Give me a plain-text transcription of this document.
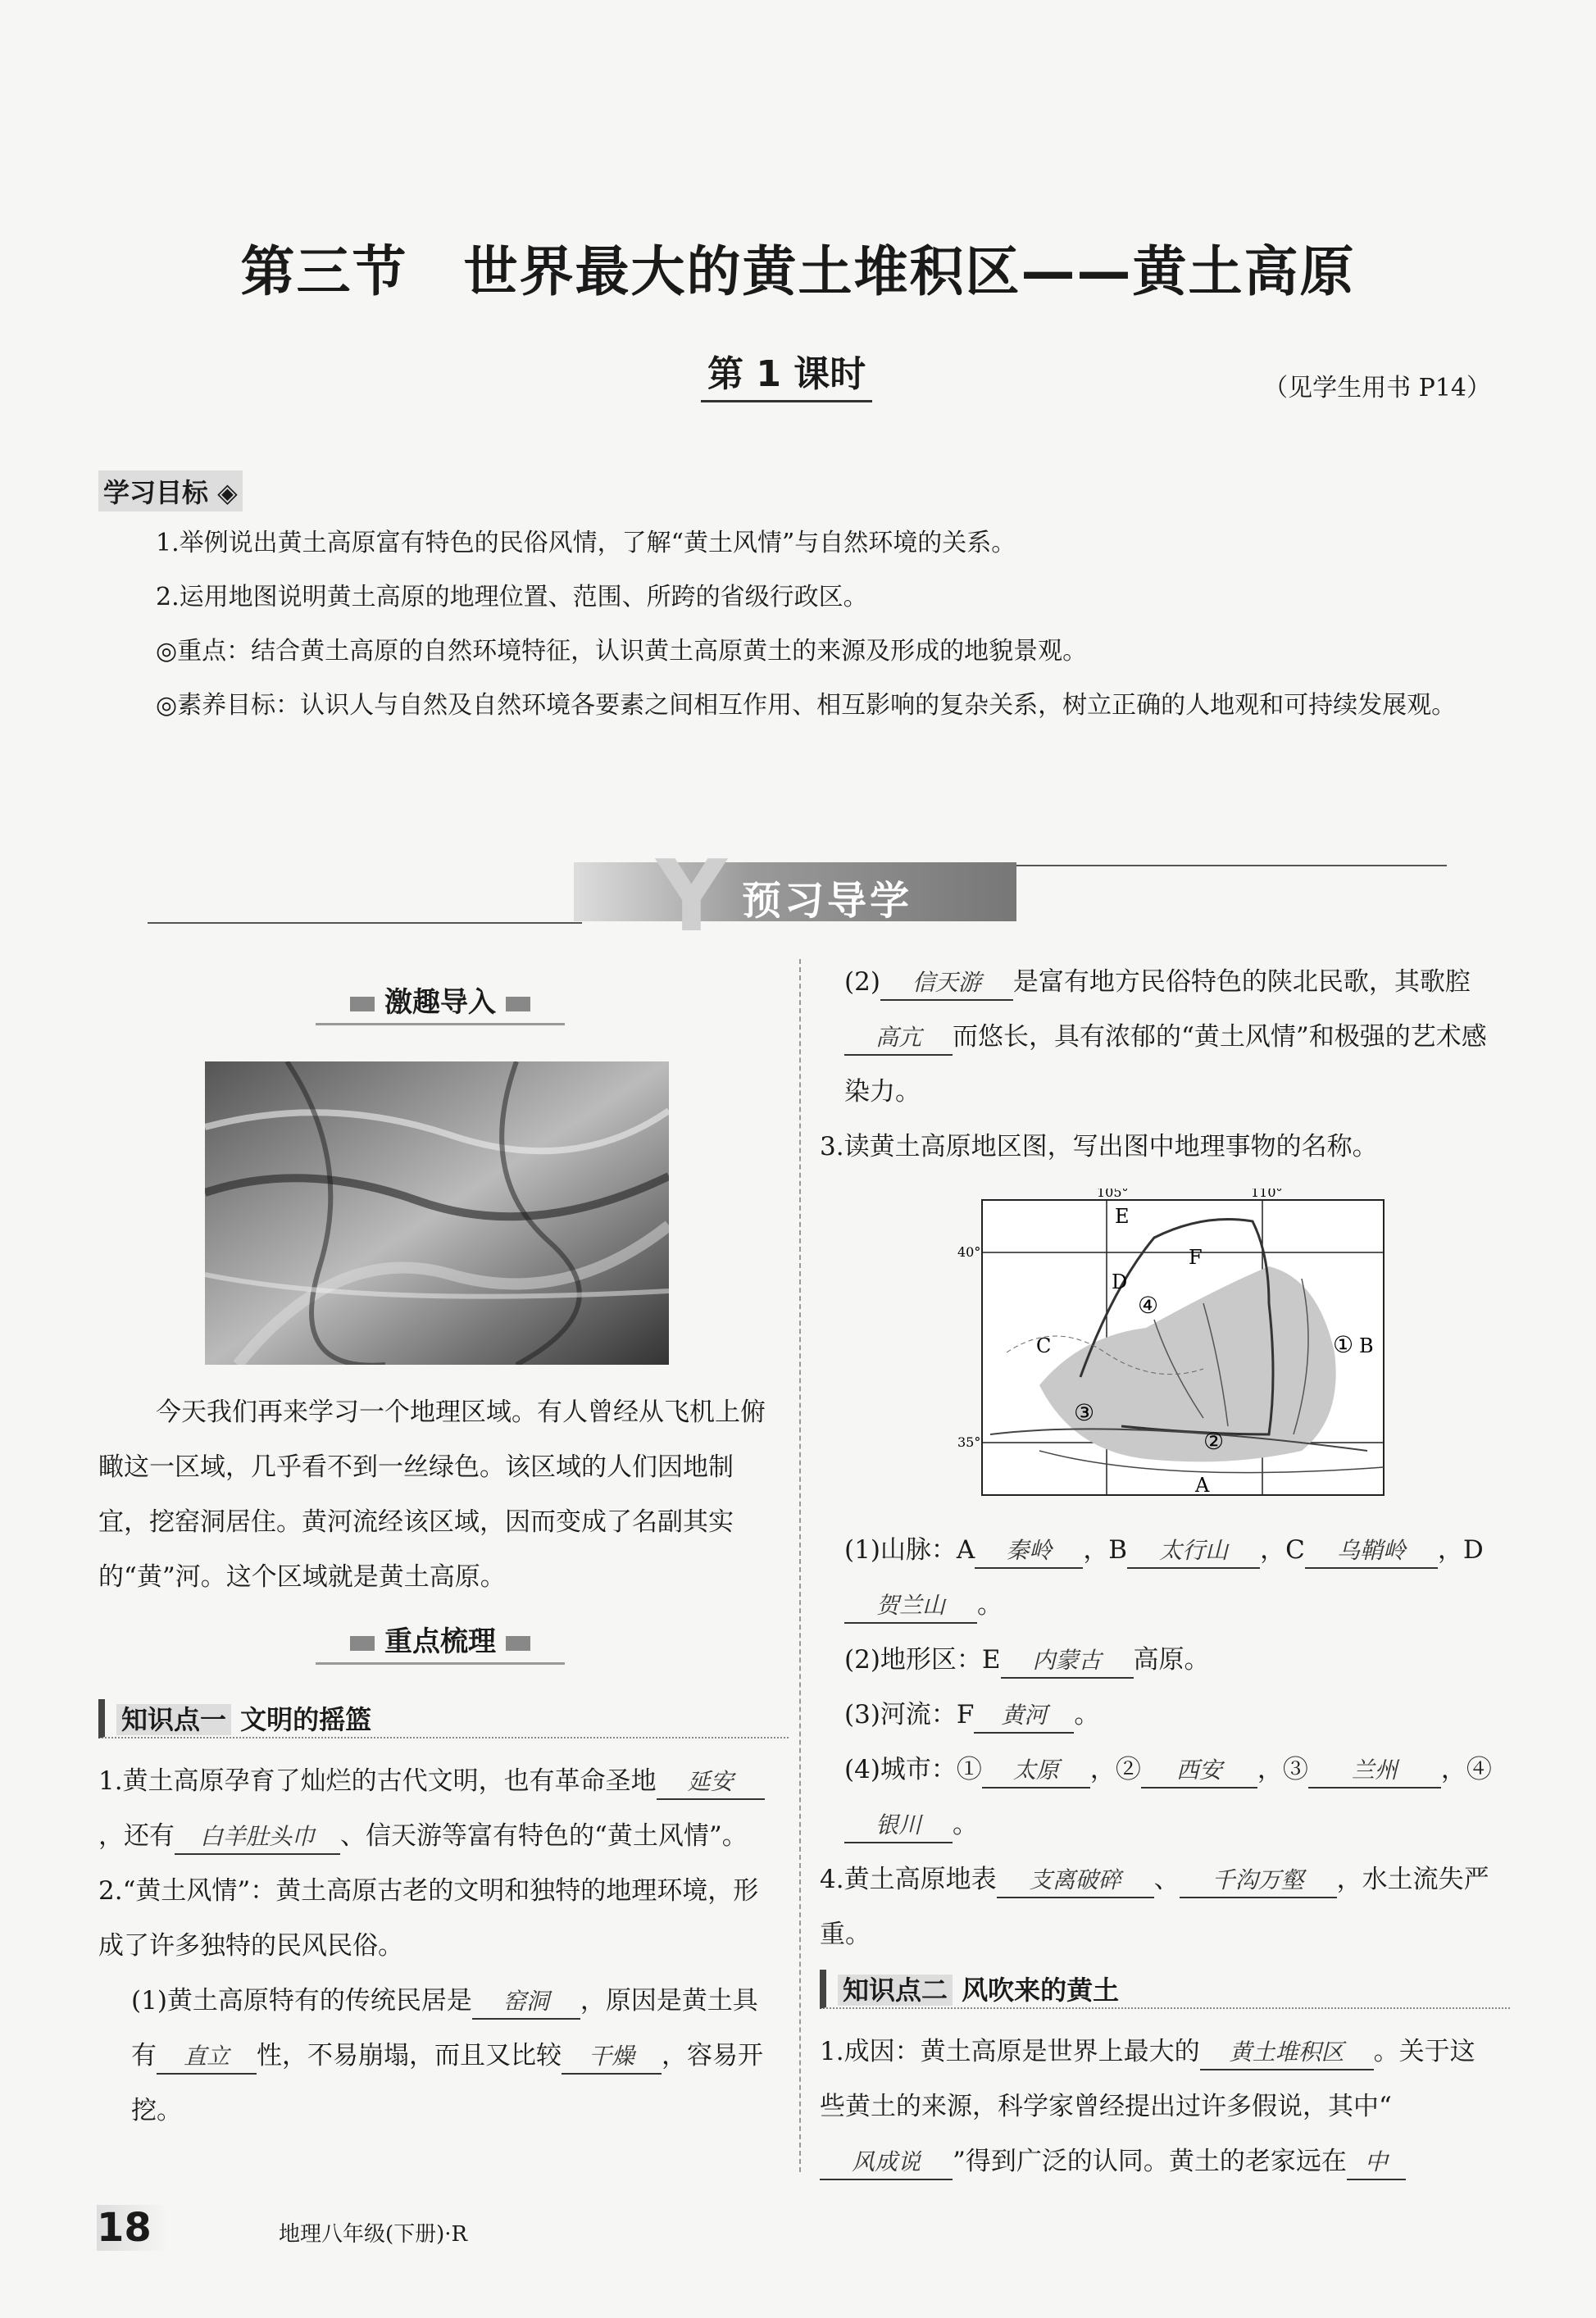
第三节　世界最大的黄土堆积区——黄土高原
第 1 课时	（见学生用书 P14）
学习目标 ◈

1.举例说出黄土高原富有特色的民俗风情，了解“黄土风情”与自然环境的关系。

2.运用地图说明黄土高原的地理位置、范围、所跨的省级行政区。

◎重点：结合黄土高原的自然环境特征，认识黄土高原黄土的来源及形成的地貌景观。

◎素养目标：认识人与自然及自然环境各要素之间相互作用、相互影响的复杂关系，树立正确的人地观和可持续发展观。

Y 预习导学
激趣导入

今天我们再来学习一个地理区域。有人曾经从飞机上俯瞰这一区域，几乎看不到一丝绿色。该区域的人们因地制宜，挖窑洞居住。黄河流经该区域，因而变成了名副其实的“黄”河。这个区域就是黄土高原。

重点梳理
知识点一 文明的摇篮

1.黄土高原孕育了灿烂的古代文明，也有革命圣地 延安，还有 白羊肚头巾 、信天游等富有特色的“黄土风情”。

2.“黄土风情”：黄土高原古老的文明和独特的地理环境，形成了许多独特的民风民俗。

(1)黄土高原特有的传统民居是 窑洞 ，原因是黄土具有 直立 性，不易崩塌，而且又比较 干燥 ，容易开挖。

(2) 信天游 是富有地方民俗特色的陕北民歌，其歌腔高亢 而悠长，具有浓郁的“黄土风情”和极强的艺术感染力。

3.读黄土高原地区图，写出图中地理事物的名称。

105°	110°
40°
35°
E
F
D
C	B
A
①
②
③
④

(1)山脉：A 秦岭 ，B 太行山 ，C 乌鞘岭 ，D贺兰山 。

(2)地形区：E 内蒙古 高原。

(3)河流：F 黄河 。

(4)城市：① 太原 ，② 西安 ，③ 兰州 ，④银川 。

4.黄土高原地表 支离破碎 、 千沟万壑 ，水土流失严重。

知识点二 风吹来的黄土

1.成因：黄土高原是世界上最大的 黄土堆积区 。关于这些黄土的来源，科学家曾经提出过许多假说，其中“风成说 ”得到广泛的认同。黄土的老家远在 中

18	地理八年级(下册)·R
